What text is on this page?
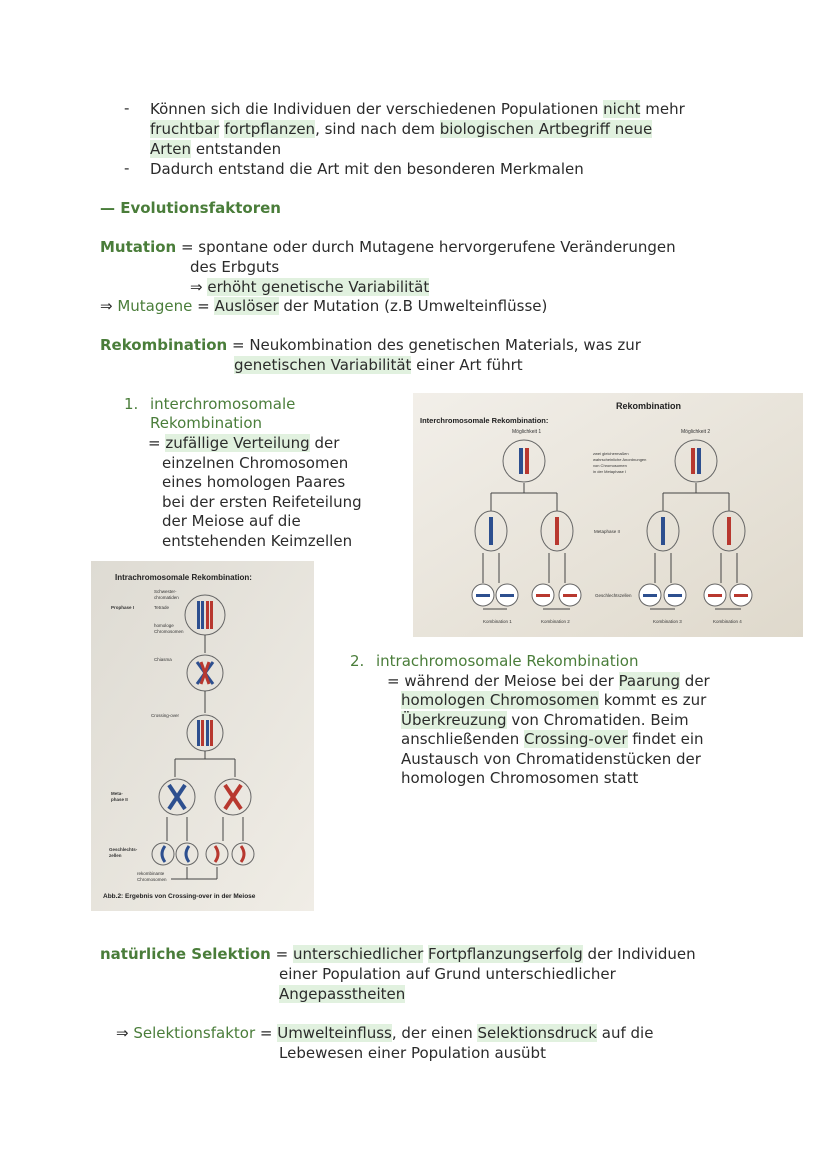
- Können sich die Individuen der verschiedenen Populationen nicht mehr
fruchtbar fortpflanzen, sind nach dem biologischen Artbegriff neue
Arten entstanden
- Dadurch entstand die Art mit den besonderen Merkmalen
— Evolutionsfaktoren
Mutation = spontane oder durch Mutagene hervorgerufene Veränderungen
des Erbguts
⇒ erhöht genetische Variabilität
⇒ Mutagene = Auslöser der Mutation (z.B Umwelteinflüsse)
Rekombination = Neukombination des genetischen Materials, was zur
genetischen Variabilität einer Art führt
1. interchromosomale
Rekombination
= zufällige Verteilung der
einzelnen Chromosomen
eines homologen Paares
bei der ersten Reifeteilung
der Meiose auf die
entstehenden Keimzellen
Rekombination
Interchromosomale Rekombination:
Möglichkeit 1	Möglichkeit 2
zwei gleichermaßen
wahrscheinliche Anordnungen
von Chromosomen
in der Metaphase I
Metaphase II
Geschlechtszellen
Kombination 1	Kombination 2	Kombination 3	Kombination 4
Intrachromosomale Rekombination:
Schwester-
chromatiden
Prophase I	Tetrade
homologe
Chromosomen
Chiasma
Crossing-over
Meta-
phase II
Geschlechts-
zellen
rekombinante
Chromosomen
Abb.2: Ergebnis von Crossing-over in der Meiose
2. intrachromosomale Rekombination
= während der Meiose bei der Paarung der
homologen Chromosomen kommt es zur
Überkreuzung von Chromatiden. Beim
anschließenden Crossing-over findet ein
Austausch von Chromatidenstücken der
homologen Chromosomen statt
natürliche Selektion = unterschiedlicher Fortpflanzungserfolg der Individuen
einer Population auf Grund unterschiedlicher
Angepasstheiten
⇒ Selektionsfaktor = Umwelteinfluss, der einen Selektionsdruck auf die
Lebewesen einer Population ausübt
